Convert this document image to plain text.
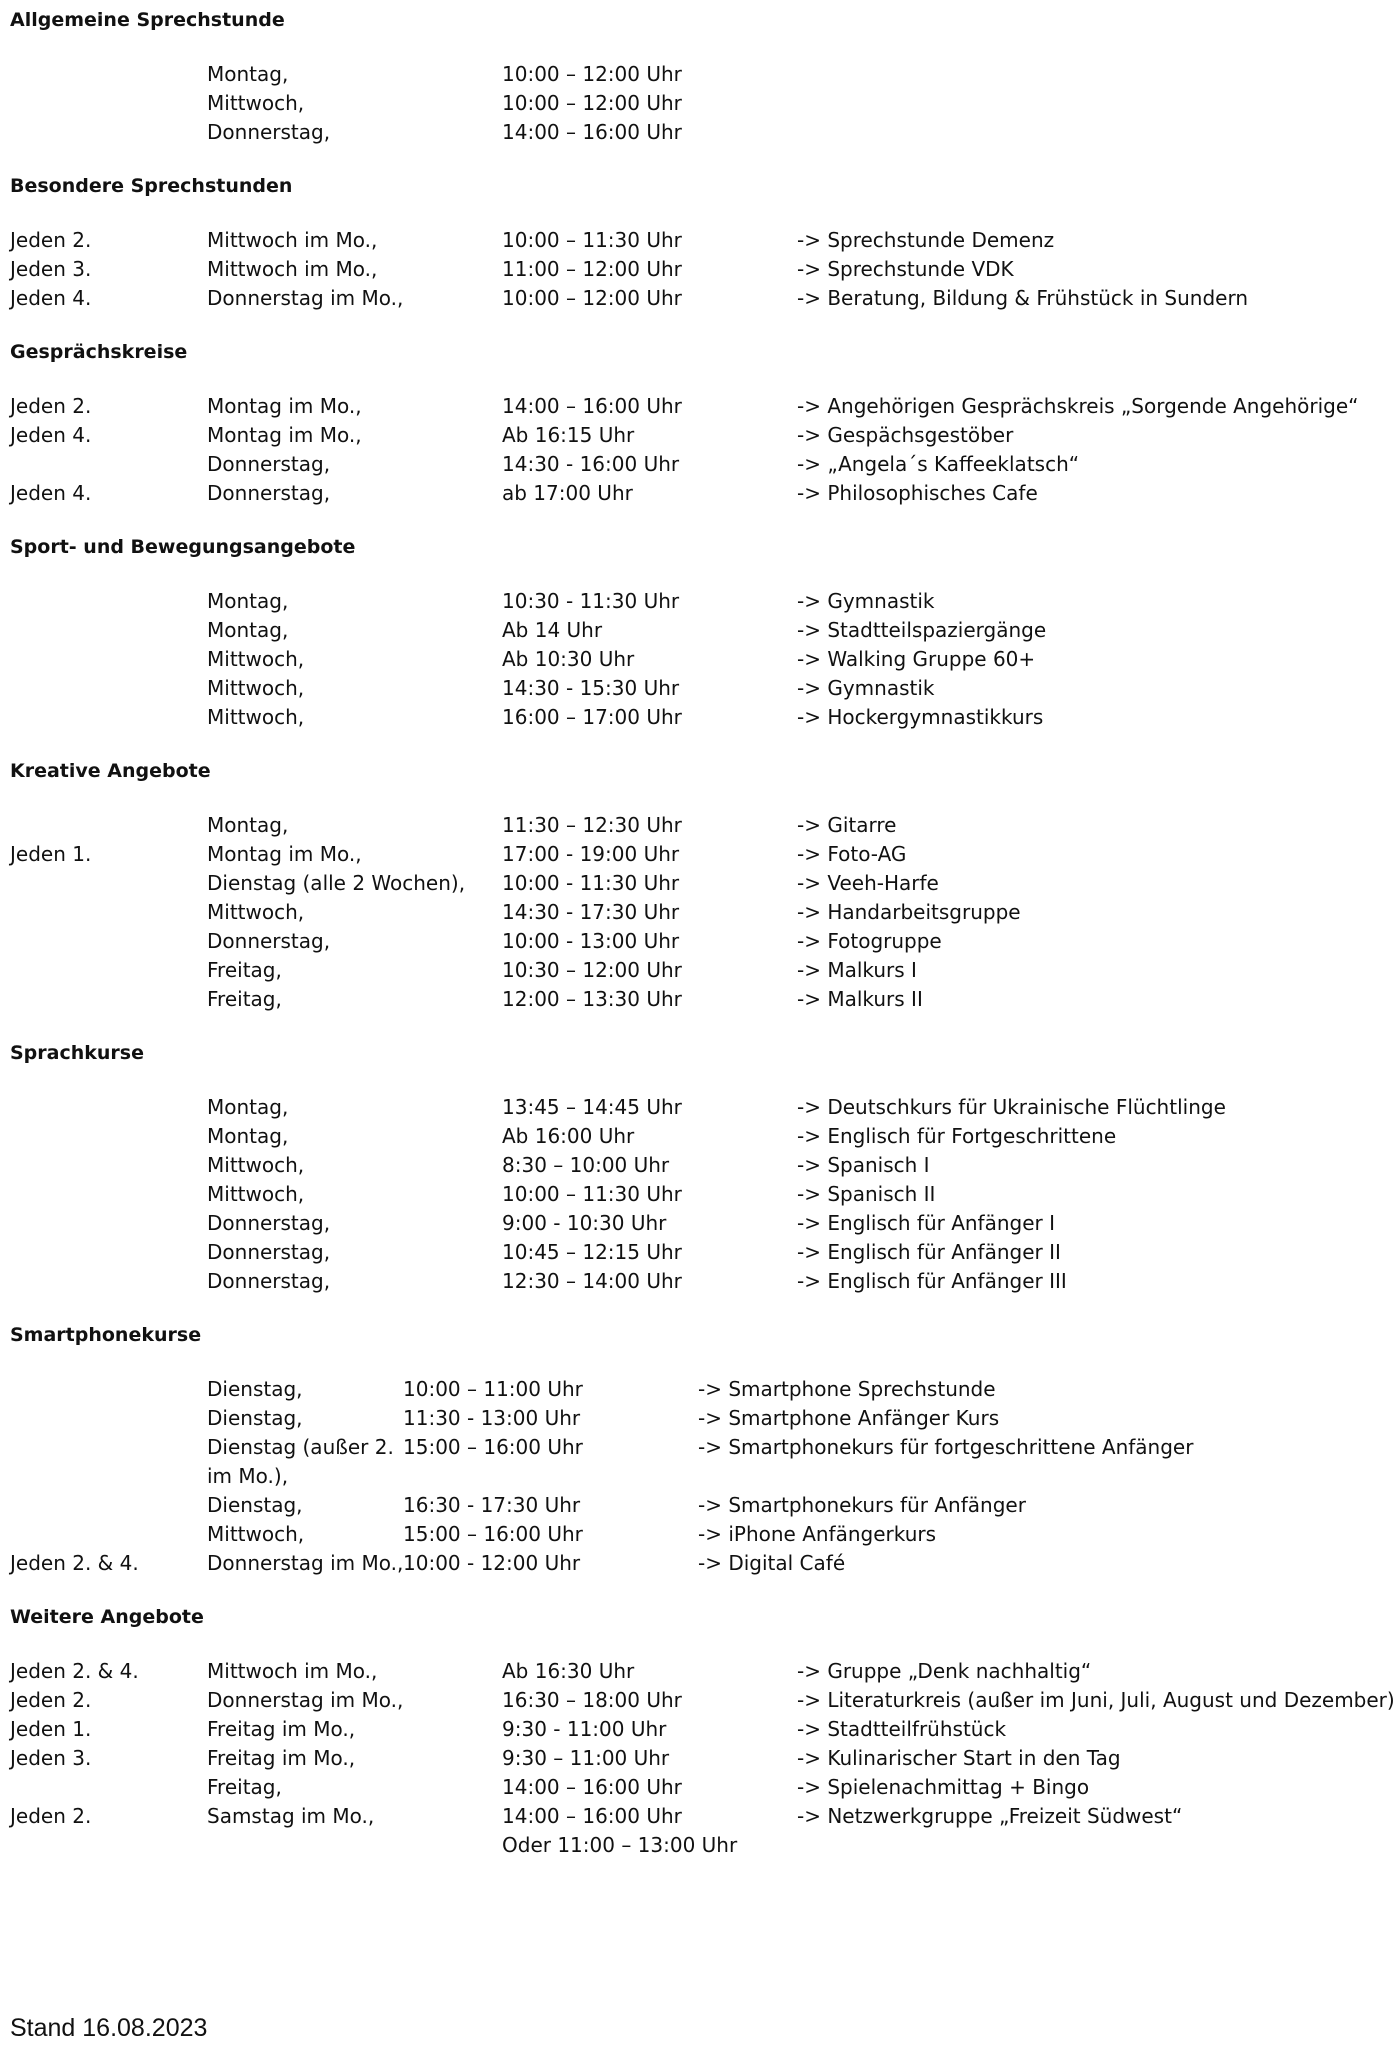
Allgemeine Sprechstunde
Montag,	10:00 – 12:00 Uhr
Mittwoch,	10:00 – 12:00 Uhr
Donnerstag,	14:00 – 16:00 Uhr
Besondere Sprechstunden
Jeden 2.	Mittwoch im Mo.,	10:00 – 11:30 Uhr	-> Sprechstunde Demenz
Jeden 3.	Mittwoch im Mo.,	11:00 – 12:00 Uhr	-> Sprechstunde VDK
Jeden 4.	Donnerstag im Mo.,	10:00 – 12:00 Uhr	-> Beratung, Bildung & Frühstück in Sundern
Gesprächskreise
Jeden 2.	Montag im Mo.,	14:00 – 16:00 Uhr	-> Angehörigen Gesprächskreis „Sorgende Angehörige“
Jeden 4.	Montag im Mo.,	Ab 16:15 Uhr	-> Gespächsgestöber
Donnerstag,	14:30 - 16:00 Uhr	-> „Angela´s Kaffeeklatsch“
Jeden 4.	Donnerstag,	ab 17:00 Uhr	-> Philosophisches Cafe
Sport- und Bewegungsangebote
Montag,	10:30 - 11:30 Uhr	-> Gymnastik
Montag,	Ab 14 Uhr	-> Stadtteilspaziergänge
Mittwoch,	Ab 10:30 Uhr	-> Walking Gruppe 60+
Mittwoch,	14:30 - 15:30 Uhr	-> Gymnastik
Mittwoch,	16:00 – 17:00 Uhr	-> Hockergymnastikkurs
Kreative Angebote
Montag,	11:30 – 12:30 Uhr	-> Gitarre
Jeden 1.	Montag im Mo.,	17:00 - 19:00 Uhr	-> Foto-AG
Dienstag (alle 2 Wochen), 10:00 - 11:30 Uhr	-> Veeh-Harfe
Mittwoch,	14:30 - 17:30 Uhr	-> Handarbeitsgruppe
Donnerstag,	10:00 - 13:00 Uhr	-> Fotogruppe
Freitag,	10:30 – 12:00 Uhr	-> Malkurs I
Freitag,	12:00 – 13:30 Uhr	-> Malkurs II
Sprachkurse
Montag,	13:45 – 14:45 Uhr	-> Deutschkurs für Ukrainische Flüchtlinge
Montag,	Ab 16:00 Uhr	-> Englisch für Fortgeschrittene
Mittwoch,	8:30 – 10:00 Uhr	-> Spanisch I
Mittwoch,	10:00 – 11:30 Uhr	-> Spanisch II
Donnerstag,	9:00 - 10:30 Uhr	-> Englisch für Anfänger I
Donnerstag,	10:45 – 12:15 Uhr	-> Englisch für Anfänger II
Donnerstag,	12:30 – 14:00 Uhr	-> Englisch für Anfänger III
Smartphonekurse
Dienstag,	10:00 – 11:00 Uhr	-> Smartphone Sprechstunde
Dienstag,	11:30 - 13:00 Uhr	-> Smartphone Anfänger Kurs
Dienstag (außer 2. im Mo.),
15:00 – 16:00 Uhr	-> Smartphonekurs für fortgeschrittene Anfänger
Dienstag,	16:30 - 17:30 Uhr	-> Smartphonekurs für Anfänger
Mittwoch,	15:00 – 16:00 Uhr	-> iPhone Anfängerkurs
Jeden 2. & 4.	Donnerstag im Mo., 10:00 - 12:00 Uhr	-> Digital Café
Weitere Angebote
Jeden 2. & 4.	Mittwoch im Mo.,	Ab 16:30 Uhr	-> Gruppe „Denk nachhaltig“
Jeden 2.	Donnerstag im Mo.,	16:30 – 18:00 Uhr	-> Literaturkreis (außer im Juni, Juli, August und Dezember)
Jeden 1.	Freitag im Mo.,	9:30 - 11:00 Uhr	-> Stadtteilfrühstück
Jeden 3.	Freitag im Mo.,	9:30 – 11:00 Uhr	-> Kulinarischer Start in den Tag
Freitag,	14:00 – 16:00 Uhr	-> Spielenachmittag + Bingo
Jeden 2.	Samstag im Mo.,	14:00 – 16:00 Uhr	-> Netzwerkgruppe „Freizeit Südwest“
Oder 11:00 – 13:00 Uhr
Stand 16.08.2023
